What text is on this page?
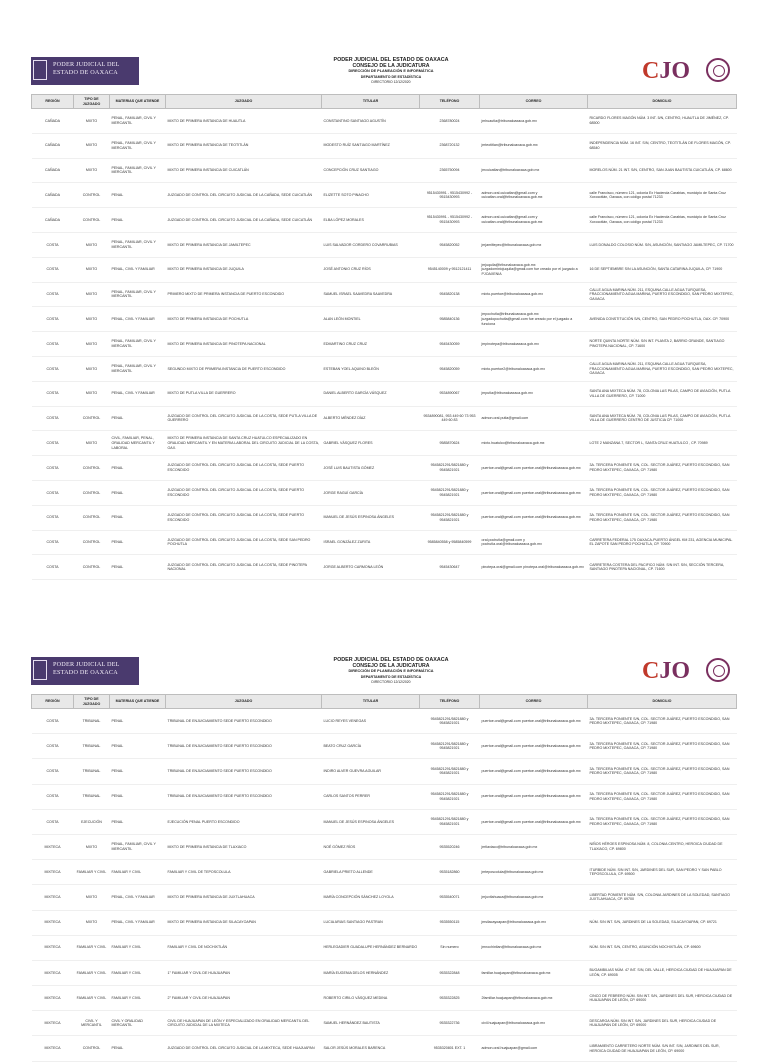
PODER JUDICIAL DEL
ESTADO DE OAXACA
PODER JUDICIAL DEL ESTADO DE OAXACA
CONSEJO DE LA JUDICATURA
DIRECCIÓN DE PLANEACIÓN E INFORMÁTICA
DEPARTAMENTO DE ESTADÍSTICA
DIRECTORIO 12/12/2020	CJO
REGIÓN	TIPO DE JUZGADO	MATERIAS QUE ATIENDE	JUZGADO	TITULAR	TELÉFONO	CORREO	DOMICILIO
CAÑADA	MIXTO	PENAL, FAMILIAR, CIVIL Y MERCANTIL	MIXTO DE PRIMERA INSTANCIA DE HUAUTLA	CONSTANTINO SANTIAGO AGUSTÍN	2368780024	jmhuautla@tribunaloaxaca.gob.mx	RICARDO FLORES MAGÓN NÚM. 3 INT. 5/N, CENTRO, HUAUTLA DE JIMÉNEZ, CP. 68500
CAÑADA	MIXTO	PENAL, FAMILIAR, CIVIL Y MERCANTIL	MIXTO DE PRIMERA INSTANCIA DE TEOTITLÁN	MODESTO RUÍZ SANTIAGO MARTÍNEZ	2368720132	jmteotitlan@tribunaloaxaca.gob.mx	INDEPENDENCIA NÚM. 16 INT. S/N, CENTRO, TEOTITLÁN DE FLORES MAGÓN, CP. 68540
CAÑADA	MIXTO	PENAL, FAMILIAR, CIVIL Y MERCANTIL	MIXTO DE PRIMERA INSTANCIA DE CUICATLÁN	CONCEPCIÓN CRUZ SANTIAGO	2365750094	jmcuicatlan@tribunaloaxaca.gob.mx	MORELOS NÚM. 21 INT. S/N, CENTRO, SAN JUAN BAUTISTA CUICATLÁN, CP. 68600
CAÑADA	CONTROL	PENAL	JUZGADO DE CONTROL DEL CIRCUITO JUDICIAL DE LA CAÑADA, SEDE CUICATLÁN	ELIZETTE SOTO PINACHO	9515430991 - 9515430992 - 9515430993	admon.oral.cuicatlan@gmail.com y cuicatlan.oral@tribunaloaxaca.gob.mx	calle Francisco, número 121, colonia Ex Hacienda Carabias, municipio de Santa Cruz Xoxocotlán, Oaxaca, con código postal 71233
CAÑADA	CONTROL	PENAL	JUZGADO DE CONTROL DEL CIRCUITO JUDICIAL DE LA CAÑADA, SEDE CUICATLÁN	ELBA LÓPEZ MORALES	9515430991 - 9515430992 - 9515430993	admon.oral.cuicatlan@gmail.com y cuicatlan.oral@tribunaloaxaca.gob.mx	calle Francisco, número 121, colonia Ex Hacienda Carabias, municipio de Santa Cruz Xoxocotlán, Oaxaca, con código postal 71233
COSTA	MIXTO	PENAL, FAMILIAR, CIVIL Y MERCANTIL	MIXTO DE PRIMERA INSTANCIA DE JAMILTEPEC	LUIS SALVADOR CORDERO COVARRUBIAS	9545820052	jmjamiltepec@tribunaloaxaca.gob.mx	LUIS DONALDO COLOSIO NÚM. S/N, ASUNCIÓN, SANTIAGO JAMILTEPEC, CP. 71700
COSTA	MIXTO	PENAL, CIVIL Y FAMILIAR	MIXTO DE PRIMERA INSTANCIA DE JUQUILA	JOSÉ ANTONIO CRUZ RÍOS	9545140009 y 9512121411	jmjuquila@tribunaloaxaca.gob.mx juzgadomixtojuquila@gmail.com fue creado por el juzgado a PJOAXENIA	16 DE SEPTIEMBRE S/N LA ASUNCIÓN, SANTA CATARINA JUQUILA, CP. 71900
COSTA	MIXTO	PENAL, FAMILIAR, CIVIL Y MERCANTIL	PRIMERO MIXTO DE PRIMERA INSTANCIA DE PUERTO ESCONDIDO	SAMUEL ISRAEL SAAVEDRA SAAVEDRA	9545820138	mixto.puertoe@tribunaloaxaca.gob.mx	CALLE AGUA MARINA NÚM. 211, ESQUINA CALLE AGUA TURQUESA, FRACCIONAMIENTO AGUA MARINA, PUERTO ESCONDIDO, SAN PEDRO MIXTEPEC, OAXACA
COSTA	MIXTO	PENAL, CIVIL Y FAMILIAR	MIXTO DE PRIMERA INSTANCIA DE POCHUTLA	ALAN LEÓN MONTIEL	9585840136	jmpochutla@tribunaloaxaca.gob.mx juzgadopochutla@gmail.com fue creado por el juzgado a funciona	AVENIDA CONSTITUCIÓN S/N, CENTRO, SAN PEDRO POCHUTLA, OAX. CP. 70900
COSTA	MIXTO	PENAL, FAMILIAR, CIVIL Y MERCANTIL	MIXTO DE PRIMERA INSTANCIA DE PINOTEPA NACIONAL	EDMARTINO CRUZ CRUZ	9545430059	jmpinotepa@tribunaloaxaca.gob.mx	NORTE QUINTA NORTE NÚM. S/N INT. PLANTA 2, BARRIO GRANDE, SANTIAGO PINOTEPA NACIONAL, CP. 71600
COSTA	MIXTO	PENAL, FAMILIAR, CIVIL Y MERCANTIL	SEGUNDO MIXTO DE PRIMERA INSTANCIA DE PUERTO ESCONDIDO	ESTEBAN YOEL AQUINO BLEÓN	9545820059	mixto.puertoe2@tribunaloaxaca.gob.mx	CALLE AGUA MARINA NÚM. 211, ESQUINA CALLE AGUA TURQUESA, FRACCIONAMIENTO AGUA MARINA, PUERTO ESCONDIDO, SAN PEDRO MIXTEPEC, OAXACA
COSTA	MIXTO	PENAL, CIVIL Y FAMILIAR	MIXTO DE PUTLA VILLA DE GUERRERO	DANIEL ALBERTO GARCÍA VÁSQUEZ	9534890067	jmputla@tribunaloaxaca.gob.mx	SANTA ANA MIXTECA NÚM. 78, COLONIA LAS PILAS, CAMPO DE AVIACIÓN, PUTLA VILLA DE GUERRERO, CP. 71000
COSTA	CONTROL	PENAL	JUZGADO DE CONTROL DEL CIRCUITO JUDICIAL DE LA COSTA, SEDE PUTLA VILLA DE GUERRERO	ALBERTO MÉNDEZ DÍAZ	9534890081, 953 449 60 73 953 449 60 83	admon.oral.putla@gmail.com	SANTA ANA MIXTECA NÚM. 78, COLONIA LAS PILAS, CAMPO DE AVIACIÓN, PUTLA VILLA DE GUERRERO CENTRO DE JUSTICIA CP. 71000
COSTA	MIXTO	CIVIL, FAMILIAR, PENAL, ORALIDAD MERCANTIL Y LABORAL	MIXTO DE PRIMERA INSTANCIA DE SANTA CRUZ HUATULCO ESPECIALIZADO EN ORALIDAD MERCANTIL Y EN MATERIA LABORAL DEL CIRCUITO JUDICIAL DE LA COSTA, OAX.	GABRIEL VÁSQUEZ FLORES	9585870624	mixto.huatulco@tribunaloaxaca.gob.mx	LOTE 2 MANZANA 7, SECTOR L, SANTA CRUZ HUATULCO , CP. 70989
COSTA	CONTROL	PENAL	JUZGADO DE CONTROL DEL CIRCUITO JUDICIAL DE LA COSTA, SEDE PUERTO ESCONDIDO	JOSÉ LUIS BAUTISTA GÓMEZ	9545821291/5821880 y 9545821921	puertoe.oral@gmail.com puertoe.oral@tribunaloaxaca.gob.mx	3A. TERCERA PONIENTE S/N, COL. SECTOR JUÁREZ, PUERTO ESCONDIDO, SAN PEDRO MIXTEPEC, OAXACA, CP. 71980
COSTA	CONTROL	PENAL	JUZGADO DE CONTROL DEL CIRCUITO JUDICIAL DE LA COSTA, SEDE PUERTO ESCONDIDO	JORGE RAGUÍ GARCÍA	9545821291/5821880 y 9545821921	puertoe.oral@gmail.com puertoe.oral@tribunaloaxaca.gob.mx	3A. TERCERA PONIENTE S/N, COL. SECTOR JUÁREZ, PUERTO ESCONDIDO, SAN PEDRO MIXTEPEC, OAXACA, CP. 71980
COSTA	CONTROL	PENAL	JUZGADO DE CONTROL DEL CIRCUITO JUDICIAL DE LA COSTA, SEDE PUERTO ESCONDIDO	MANUEL DE JESÚS ESPINOSA ÁNGELES	9545821291/5821880 y 9545821921	puertoe.oral@gmail.com puertoe.oral@tribunaloaxaca.gob.mx	3A. TERCERA PONIENTE S/N, COL. SECTOR JUÁREZ, PUERTO ESCONDIDO, SAN PEDRO MIXTEPEC, OAXACA, CP. 71980
COSTA	CONTROL	PENAL	JUZGADO DE CONTROL DEL CIRCUITO JUDICIAL DE LA COSTA, SEDE SAN PEDRO POCHUTLA	ISRAEL GONZÁLEZ ZURITA	9585840558 y 9585840599	oral.pochutla@gmail.com y pochutla.oral@tribunaloaxaca.gob.mx	CARRETERA FEDERAL 175 OAXACA-PUERTO ÁNGEL KM 231, AGENCIA MUNICIPAL EL ZAPOTE SAN PEDRO POCHUTLA, CP. 70900
COSTA	CONTROL	PENAL	JUZGADO DE CONTROL DEL CIRCUITO JUDICIAL DE LA COSTA, SEDE PINOTEPA NACIONAL	JORGE ALBERTO CARMONA LEÓN	9545430647	pinotepa.oral@gmail.com pinotepa.oral@tribunaloaxaca.gob.mx	CARRETERA COSTERA DEL PACIFICO NÚM. S/N INT. S/N, SECCIÓN TERCERA, SANTIAGO PINOTEPA NACIONAL, CP. 71600
PODER JUDICIAL DEL
ESTADO DE OAXACA
PODER JUDICIAL DEL ESTADO DE OAXACA
CONSEJO DE LA JUDICATURA
DIRECCIÓN DE PLANEACIÓN E INFORMÁTICA
DEPARTAMENTO DE ESTADÍSTICA
DIRECTORIO 12/12/2020	CJO
REGIÓN	TIPO DE JUZGADO	MATERIAS QUE ATIENDE	JUZGADO	TITULAR	TELÉFONO	CORREO	DOMICILIO
COSTA	TRIBUNAL	PENAL	TRIBUNAL DE ENJUICIAMIENTO SEDE PUERTO ESCONDIDO	LUCIO REYES VENEGAS	9545821291/5821880 y 9545821921	puertoe.oral@gmail.com puertoe.oral@tribunaloaxaca.gob.mx	3A. TERCERA PONIENTE S/N, COL. SECTOR JUÁREZ, PUERTO ESCONDIDO, SAN PEDRO MIXTEPEC, OAXACA, CP. 71980
COSTA	TRIBUNAL	PENAL	TRIBUNAL DE ENJUICIAMIENTO SEDE PUERTO ESCONDIDO	BEATO CRUZ GARCÍA	9545821291/5821880 y 9545821921	puertoe.oral@gmail.com puertoe.oral@tribunaloaxaca.gob.mx	3A. TERCERA PONIENTE S/N, COL. SECTOR JUÁREZ, PUERTO ESCONDIDO, SAN PEDRO MIXTEPEC, OAXACA, CP. 71980
COSTA	TRIBUNAL	PENAL	TRIBUNAL DE ENJUICIAMIENTO SEDE PUERTO ESCONDIDO	INDIRO ALVER GUEVRA AGUILAR	9545821291/5821880 y 9545821921	puertoe.oral@gmail.com puertoe.oral@tribunaloaxaca.gob.mx	3A. TERCERA PONIENTE S/N, COL. SECTOR JUÁREZ, PUERTO ESCONDIDO, SAN PEDRO MIXTEPEC, OAXACA, CP. 71980
COSTA	TRIBUNAL	PENAL	TRIBUNAL DE ENJUICIAMIENTO SEDE PUERTO ESCONDIDO	CARLOS SANTOS PERRER	9545821291/5821880 y 9545821921	puertoe.oral@gmail.com puertoe.oral@tribunaloaxaca.gob.mx	3A. TERCERA PONIENTE S/N, COL. SECTOR JUÁREZ, PUERTO ESCONDIDO, SAN PEDRO MIXTEPEC, OAXACA, CP. 71980
COSTA	EJECUCIÓN	PENAL	EJECUCIÓN PENAL PUERTO ESCONDIDO	MANUEL DE JESÚS ESPINOSA ÁNGELES	9545821291/5821880 y 9545821921	puertoe.oral@gmail.com puertoe.oral@tribunaloaxaca.gob.mx	3A. TERCERA PONIENTE S/N, COL. SECTOR JUÁREZ, PUERTO ESCONDIDO, SAN PEDRO MIXTEPEC, OAXACA, CP. 71980
MIXTECA	MIXTO	PENAL, FAMILIAR, CIVIL Y MERCANTIL	MIXTO DE PRIMERA INSTANCIA DE TLAXIACO	NOÉ GÓMEZ RÍOS	9535520246	jmtlaxiaco@tribunaloaxaca.gob.mx	NIÑOS HÉROES ESPINOSA NÚM. 8, COLONIA CENTRO, HEROICA CIUDAD DE TLAXIACO, CP. 69800
MIXTECA	FAMILIAR Y CIVIL	FAMILIAR Y CIVIL	FAMILIAR Y CIVIL DE TEPOSCOLULA	GABRIELA PRIETO ALLENDE	9535182860	jmteposcolula@tribunaloaxaca.gob.mx	ITURBIDE NÚM. S/N INT. S/N, JARDINES DEL SUR, SAN PEDRO Y SAN PABLO TEPOSCOLULA, CP. 69500
MIXTECA	MIXTO	PENAL, CIVIL Y FAMILIAR	MIXTO DE PRIMERA INSTANCIA DE JUXTLAHUACA	MARÍA CONCEPCIÓN SÁNCHEZ LOYOLA	9535540071	jmjuxtlahuaca@tribunaloaxaca.gob.mx	LIBERTAD PONIENTE NÚM. S/N, COLONIA JARDINES DE LA SOLEDAD, SANTIAGO JUXTLAHUACA, CP. 69700
MIXTECA	MIXTO	PENAL, CIVIL Y FAMILIAR	MIXTO DE PRIMERA INSTANCIA DE SILACAYOAPAN	LUCIA ARIAS SANTIAGO PASTRAN	9535550115	jmsilacayoapan@tribunaloaxaca.gob.mx	NÚM. S/N INT. S/N, JARDINES DE LA SOLEDAD, SILACAYOAPAN, CP. 69721
MIXTECA	FAMILIAR Y CIVIL	FAMILIAR Y CIVIL	FAMILIAR Y CIVIL DE NOCHIXTLÁN	HERLEGADIER GUADALUPE HERNÁNDEZ BERNARDO	Sin numero	jmnochixtlan@tribunaloaxaca.gob.mx	NÚM. S/N INT. S/N, CENTRO, ASUNCIÓN NOCHIXTLÁN, CP. 69600
MIXTECA	FAMILIAR Y CIVIL	FAMILIAR Y CIVIL	1° FAMILIAR Y CIVIL DE HUAJUAPAN	MARÍA EUGENIA DELOS HERNÁNDEZ	9535322848	familiar.huajuapan@tribunaloaxaca.gob.mx	BUGAMBILIAS NÚM. 47 INT. S/N, DEL VALLE, HEROICA CIUDAD DE HUAJUAPAN DE LEÓN, CP. 69005
MIXTECA	FAMILIAR Y CIVIL	FAMILIAR Y CIVIL	2° FAMILIAR Y CIVIL DE HUAJUAPAN	ROBERTO CIRILO VÁSQUEZ MEDINA	9535322825	2familiar.huajuapan@tribunaloaxaca.gob.mx	CINCO DE FEBRERO NÚM. S/N INT. S/N, JARDINES DEL SUR, HEROICA CIUDAD DE HUAJUAPAN DE LEÓN, CP. 69000
MIXTECA	CIVIL Y MERCANTIL	CIVIL Y ORALIDAD MERCANTIL	CIVIL DE HUAJUAPAN DE LEÓN Y ESPECIALIZADO EN ORALIDAD MERCANTIL DEL CIRCUITO JUDICIAL DE LA MIXTECA	SAMUEL HERNÁNDEZ BAUTISTA	9535322736	civil.huajuapan@tribunaloaxaca.gob.mx	DESCARGA NÚM. S/N INT. S/N, JARDINES DEL SUR, HEROICA CIUDAD DE HUAJUAPAN DE LEÓN, CP. 69000
MIXTECA	CONTROL	PENAL	JUZGADO DE CONTROL DEL CIRCUITO JUDICIAL DE LA MIXTECA, SEDE HUAJUAPAN	SALOR JESÚS MORALES BARENCA	9535320801 EXT. 1	admon.oral.huajuapan@gmail.com	LIBRAMIENTO CARRETERO NORTE NÚM. S/N INT. S/N, JARDINES DEL SUR, HEROICA CIUDAD DE HUAJUAPAN DE LEÓN, CP. 69000
